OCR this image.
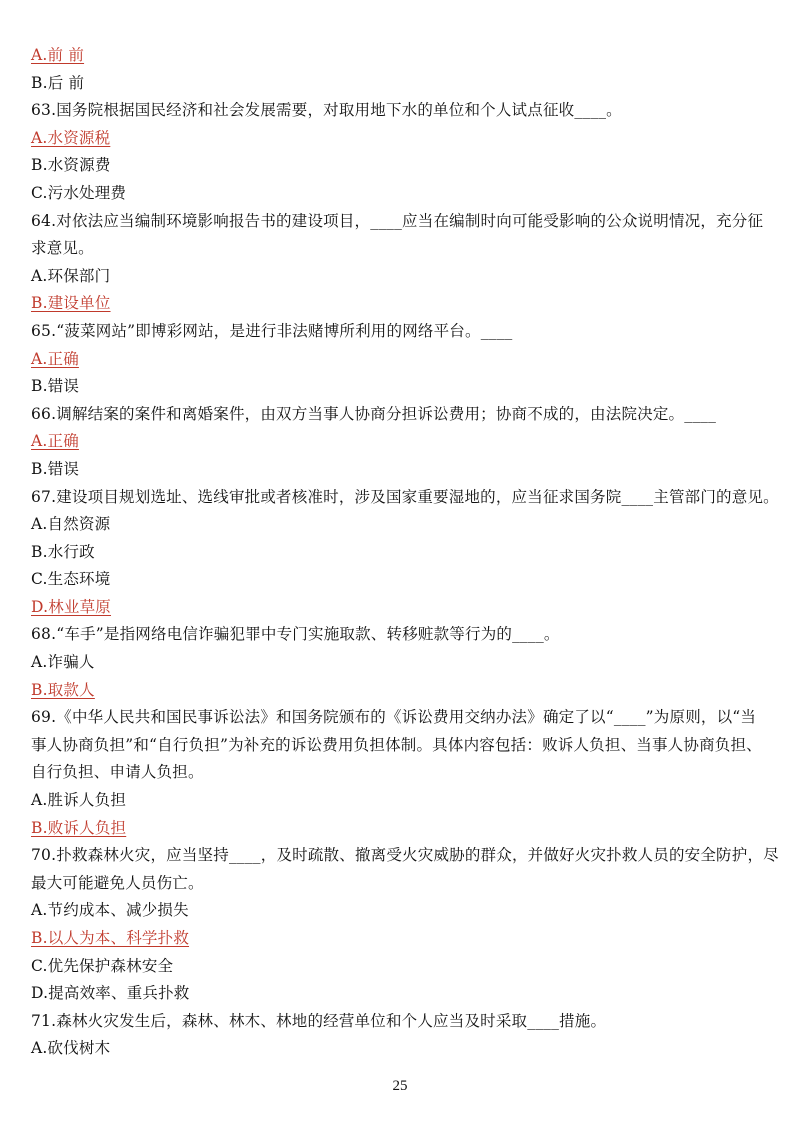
A.前 前
B.后 前
63.国务院根据国民经济和社会发展需要，对取用地下水的单位和个人试点征收____。
A.水资源税
B.水资源费
C.污水处理费
64.对依法应当编制环境影响报告书的建设项目，____应当在编制时向可能受影响的公众说明情况，充分征
求意见。
A.环保部门
B.建设单位
65.“菠菜网站”即博彩网站，是进行非法赌博所利用的网络平台。____
A.正确
B.错误
66.调解结案的案件和离婚案件，由双方当事人协商分担诉讼费用；协商不成的，由法院决定。____
A.正确
B.错误
67.建设项目规划选址、选线审批或者核准时，涉及国家重要湿地的，应当征求国务院____主管部门的意见。
A.自然资源
B.水行政
C.生态环境
D.林业草原
68.“车手”是指网络电信诈骗犯罪中专门实施取款、转移赃款等行为的____。
A.诈骗人
B.取款人
69.《中华人民共和国民事诉讼法》和国务院颁布的《诉讼费用交纳办法》确定了以“____”为原则，以“当
事人协商负担”和“自行负担”为补充的诉讼费用负担体制。具体内容包括：败诉人负担、当事人协商负担、
自行负担、申请人负担。
A.胜诉人负担
B.败诉人负担
70.扑救森林火灾，应当坚持____，及时疏散、撤离受火灾威胁的群众，并做好火灾扑救人员的安全防护，尽
最大可能避免人员伤亡。
A.节约成本、减少损失
B.以人为本、科学扑救
C.优先保护森林安全
D.提高效率、重兵扑救
71.森林火灾发生后，森林、林木、林地的经营单位和个人应当及时采取____措施。
A.砍伐树木
25
